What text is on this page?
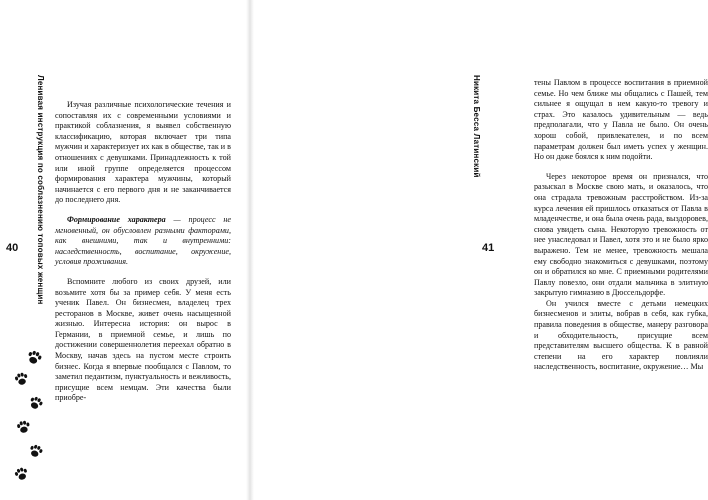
Ленивая инструкция по соблазнению топовых женщин
40

Изучая различные психологические течения и сопоставляя их с современными условиями и практикой соблазнения, я выявел собственную классификацию, которая включает три типа мужчин и характеризует их как в обществе, так и в отношениях с девушками. Принадлежность к той или иной группе определяется процессом формирования характера мужчины, который начинается с его первого дня и не заканчивается до последнего дня.

Формирование характера — процесс не мгновенный, он обусловлен разными факторами, как внешними, так и внутренними: наследственность, воспитание, окружение, условия проживания.

Вспомните любого из своих друзей, или возьмите хотя бы за пример себя. У меня есть ученик Павел. Он бизнесмен, владелец трех ресторанов в Москве, живет очень насыщенной жизнью. Интересна история: он вырос в Германии, в приемной семье, и лишь по достижении совершеннолетия переехал обратно в Москву, начав здесь на пустом месте строить бизнес. Когда я впервые пообщался с Павлом, то заметил педантизм, пунктуальность и вежливость, присущие всем немцам. Эти качества были приобре-

тены Павлом в процессе воспитания в приемной семье. Но чем ближе мы общались с Пашей, тем сильнее я ощущал в нем какую-то тревогу и страх. Это казалось удивительным — ведь предполагали, что у Павла не было. Он очень хорош собой, привлекателен, и по всем параметрам должен был иметь успех у женщин. Но он даже боялся к ним подойти.

Через некоторое время он признался, что разыскал в Москве свою мать, и оказалось, что она страдала тревожным расстройством. Из-за курса лечения ей пришлось отказаться от Павла в младенчестве, и она была очень рада, выздоровев, снова увидеть сына. Некоторую тревожность от нее унаследовал и Павел, хотя это и не было ярко выражено. Тем не менее, тревожность мешала ему свободно знакомиться с девушками, поэтому он и обратился ко мне. С приемными родителями Павлу повезло, они отдали мальчика в элитную закрытую гимназию в Дюссельдорфе.

Он учился вместе с детьми немецких бизнесменов и элиты, вобрав в себя, как губка, правила поведения в обществе, манеру разговора и обходительность, присущие всем представителям высшего общества. К в равной степени на его характер повлияли наследственность, воспитание, окружение… Мы

Никита Бесса Латинский
41
